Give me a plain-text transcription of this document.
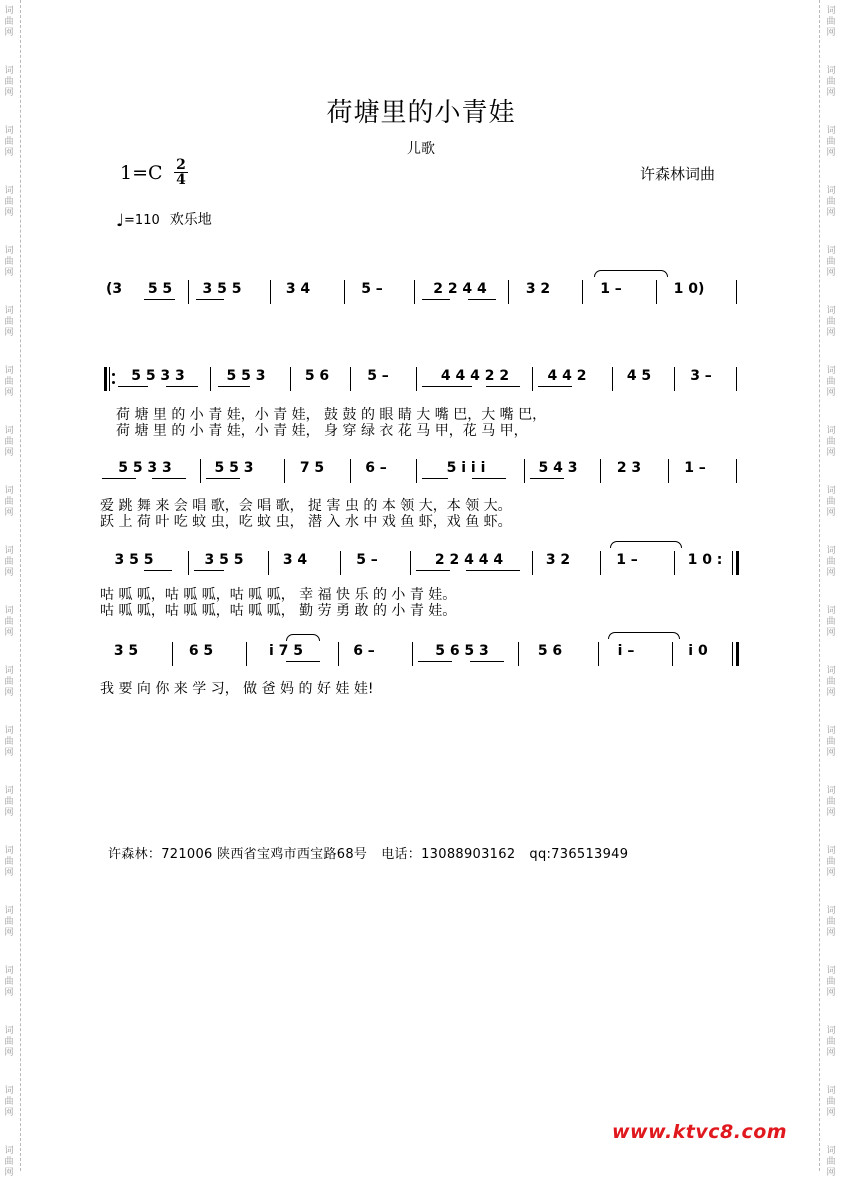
词
曲
网
词
曲
网
词
曲
网
词
曲
网
词
曲
网
词
曲
网
词
曲
网
词
曲
网
词
曲
网
词
曲
网
词
曲
网
词
曲
网
词
曲
网
词
曲
网
词
曲
网
词
曲
网
词
曲
网
词
曲
网
词
曲
网
词
曲
网
词
曲
网
词
曲
网
词
曲
网
词
曲
网
词
曲
网
词
曲
网
词
曲
网
词
曲
网
词
曲
网
词
曲
网
词
曲
网
词
曲
网
词
曲
网
词
曲
网
词
曲
网
词
曲
网
词
曲
网
词
曲
网
词
曲
网
词
曲
网
荷塘里的小青娃
儿歌
1=C 2
4	许森林词曲
♩=110 欢乐地
(3 5 5	3 5 5	3 4	5 –	2 2 4 4	3 2	1 –	1 0)
5 5 3 3	5 5 3	5 6	5 –	4 4 4 2 2	4 4 2	4 5	3 –
荷 塘 里 的 小 青 娃，小 青 娃， 鼓 鼓 的 眼 睛 大 嘴 巴，大 嘴 巴，
荷 塘 里 的 小 青 娃，小 青 娃， 身 穿 绿 衣 花 马 甲，花 马 甲，
5 5 3 3	5 5 3	7 5	6 –	5 i i i	5 4 3	2 3	1 –
爱 跳 舞 来 会 唱 歌，会 唱 歌， 捉 害 虫 的 本 领 大，本 领 大。
跃 上 荷 叶 吃 蚊 虫，吃 蚊 虫， 潜 入 水 中 戏 鱼 虾，戏 鱼 虾。
3 5 5	3 5 5	3 4	5 –	2 2 4 4 4	3 2	1 –	1 0 :
咕 呱 呱，咕 呱 呱，咕 呱 呱， 幸 福 快 乐 的 小 青 娃。
咕 呱 呱，咕 呱 呱，咕 呱 呱， 勤 劳 勇 敢 的 小 青 娃。
3 5	6 5	i 7 5	6 –	5 6 5 3	5 6	i –	i 0
我 要 向 你 来 学 习， 做 爸 妈 的 好 娃 娃!
许森林：721006 陕西省宝鸡市西宝路68号 电话：13088903162 qq:736513949
www.ktvc8.com
